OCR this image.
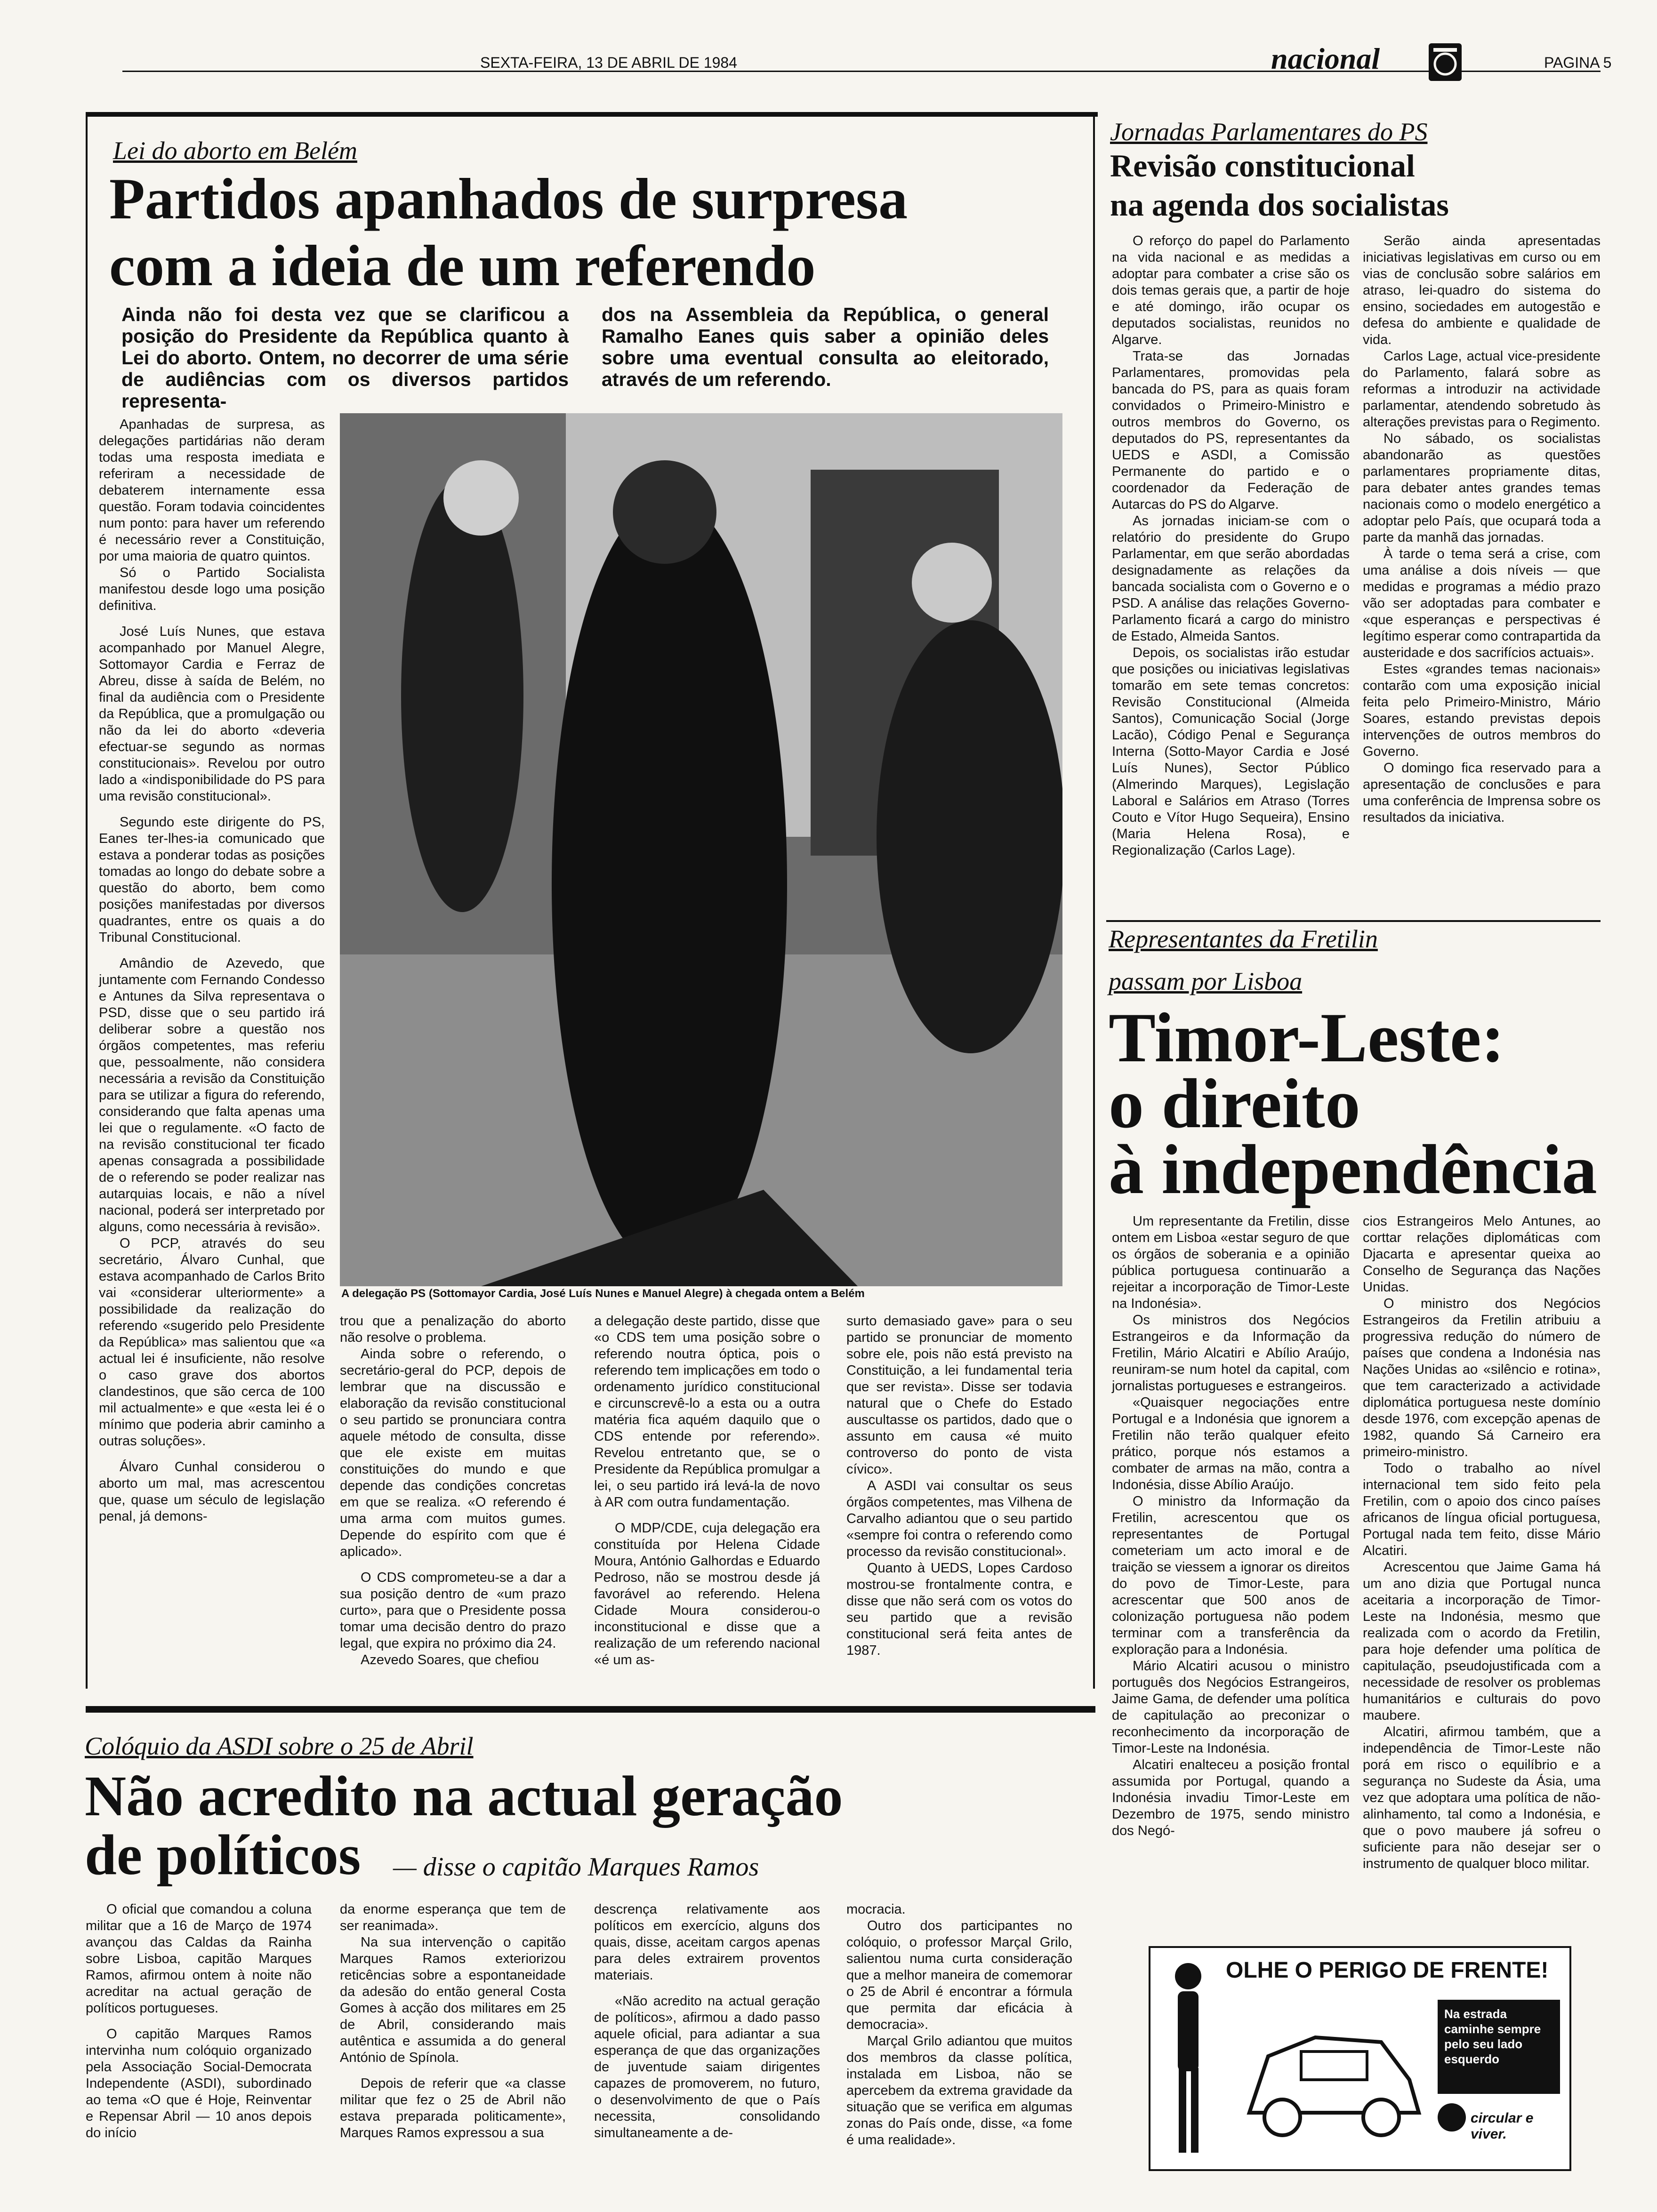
SEXTA-FEIRA, 13 DE ABRIL DE 1984	nacional	PAGINA 5
Lei do aborto em Belém
Partidos apanhados de surpresa
com a ideia de um referendo
Ainda não foi desta vez que se clarificou a posição do Presidente da República quanto à Lei do aborto. Ontem, no decorrer de uma série de audiências com os diversos partidos representa-
dos na Assembleia da República, o general Ramalho Eanes quis saber a opinião deles sobre uma eventual consulta ao eleitorado, através de um referendo.
A delegação PS (Sottomayor Cardia, José Luís Nunes e Manuel Alegre) à chegada ontem a Belém

Apanhadas de surpresa, as delegações partidárias não deram todas uma resposta imediata e referiram a necessidade de debaterem internamente essa questão. Foram todavia coincidentes num ponto: para haver um referendo é necessário rever a Constituição, por uma maioria de quatro quintos.

Só o Partido Socialista manifestou desde logo uma posição definitiva.

José Luís Nunes, que estava acompanhado por Manuel Alegre, Sottomayor Cardia e Ferraz de Abreu, disse à saída de Belém, no final da audiência com o Presidente da República, que a promulgação ou não da lei do aborto «deveria efectuar-se segundo as normas constitucionais». Revelou por outro lado a «indisponibilidade do PS para uma revisão constitucional».

Segundo este dirigente do PS, Eanes ter-lhes-ia comunicado que estava a ponderar todas as posições tomadas ao longo do debate sobre a questão do aborto, bem como posições manifestadas por diversos quadrantes, entre os quais a do Tribunal Constitucional.

Amândio de Azevedo, que juntamente com Fernando Condesso e Antunes da Silva representava o PSD, disse que o seu partido irá deliberar sobre a questão nos órgãos competentes, mas referiu que, pessoalmente, não considera necessária a revisão da Constituição para se utilizar a figura do referendo, considerando que falta apenas uma lei que o regulamente. «O facto de na revisão constitucional ter ficado apenas consagrada a possibilidade de o referendo se poder realizar nas autarquias locais, e não a nível nacional, poderá ser interpretado por alguns, como necessária à revisão».

O PCP, através do seu secretário, Álvaro Cunhal, que estava acompanhado de Carlos Brito vai «considerar ulteriormente» a possibilidade da realização do referendo «sugerido pelo Presidente da República» mas salientou que «a actual lei é insuficiente, não resolve o caso grave dos abortos clandestinos, que são cerca de 100 mil actualmente» e que «esta lei é o mínimo que poderia abrir caminho a outras soluções».

Álvaro Cunhal considerou o aborto um mal, mas acrescentou que, quase um século de legislação penal, já demons-

trou que a penalização do aborto não resolve o problema.

Ainda sobre o referendo, o secretário-geral do PCP, depois de lembrar que na discussão e elaboração da revisão constitucional o seu partido se pronunciara contra aquele método de consulta, disse que ele existe em muitas constituições do mundo e que depende das condições concretas em que se realiza. «O referendo é uma arma com muitos gumes. Depende do espírito com que é aplicado».

O CDS comprometeu-se a dar a sua posição dentro de «um prazo curto», para que o Presidente possa tomar uma decisão dentro do prazo legal, que expira no próximo dia 24.

Azevedo Soares, que chefiou

a delegação deste partido, disse que «o CDS tem uma posição sobre o referendo noutra óptica, pois o referendo tem implicações em todo o ordenamento jurídico constitucional e circunscrevê-lo a esta ou a outra matéria fica aquém daquilo que o CDS entende por referendo». Revelou entretanto que, se o Presidente da República promulgar a lei, o seu partido irá levá-la de novo à AR com outra fundamentação.

O MDP/CDE, cuja delegação era constituída por Helena Cidade Moura, António Galhordas e Eduardo Pedroso, não se mostrou desde já favorável ao referendo. Helena Cidade Moura considerou-o inconstitucional e disse que a realização de um referendo nacional «é um as-

surto demasiado gave» para o seu partido se pronunciar de momento sobre ele, pois não está previsto na Constituição, a lei fundamental teria que ser revista». Disse ser todavia natural que o Chefe do Estado auscultasse os partidos, dado que o assunto em causa «é muito controverso do ponto de vista cívico».

A ASDI vai consultar os seus órgãos competentes, mas Vilhena de Carvalho adiantou que o seu partido «sempre foi contra o referendo como processo da revisão constitucional».

Quanto à UEDS, Lopes Cardoso mostrou-se frontalmente contra, e disse que não será com os votos do seu partido que a revisão constitucional será feita antes de 1987.

Jornadas Parlamentares do PS
Revisão constitucional
na agenda dos socialistas

O reforço do papel do Parlamento na vida nacional e as medidas a adoptar para combater a crise são os dois temas gerais que, a partir de hoje e até domingo, irão ocupar os deputados socialistas, reunidos no Algarve.

Trata-se das Jornadas Parlamentares, promovidas pela bancada do PS, para as quais foram convidados o Primeiro-Ministro e outros membros do Governo, os deputados do PS, representantes da UEDS e ASDI, a Comissão Permanente do partido e o coordenador da Federação de Autarcas do PS do Algarve.

As jornadas iniciam-se com o relatório do presidente do Grupo Parlamentar, em que serão abordadas designadamente as relações da bancada socialista com o Governo e o PSD. A análise das relações Governo-Parlamento ficará a cargo do ministro de Estado, Almeida Santos.

Depois, os socialistas irão estudar que posições ou iniciativas legislativas tomarão em sete temas concretos: Revisão Constitucional (Almeida Santos), Comunicação Social (Jorge Lacão), Código Penal e Segurança Interna (Sotto-Mayor Cardia e José Luís Nunes), Sector Público (Almerindo Marques), Legislação Laboral e Salários em Atraso (Torres Couto e Vítor Hugo Sequeira), Ensino (Maria Helena Rosa), e Regionalização (Carlos Lage).

Serão ainda apresentadas iniciativas legislativas em curso ou em vias de conclusão sobre salários em atraso, lei-quadro do sistema do ensino, sociedades em autogestão e defesa do ambiente e qualidade de vida.

Carlos Lage, actual vice-presidente do Parlamento, falará sobre as reformas a introduzir na actividade parlamentar, atendendo sobretudo às alterações previstas para o Regimento.

No sábado, os socialistas abandonarão as questões parlamentares propriamente ditas, para debater antes grandes temas nacionais como o modelo energético a adoptar pelo País, que ocupará toda a parte da manhã das jornadas.

À tarde o tema será a crise, com uma análise a dois níveis — que medidas e programas a médio prazo vão ser adoptadas para combater e «que esperanças e perspectivas é legítimo esperar como contrapartida da austeridade e dos sacrifícios actuais».

Estes «grandes temas nacionais» contarão com uma exposição inicial feita pelo Primeiro-Ministro, Mário Soares, estando previstas depois intervenções de outros membros do Governo.

O domingo fica reservado para a apresentação de conclusões e para uma conferência de Imprensa sobre os resultados da iniciativa.

Representantes da Fretilin
passam por Lisboa
Timor-Leste:
o direito
à independência

Um representante da Fretilin, disse ontem em Lisboa «estar seguro de que os órgãos de soberania e a opinião pública portuguesa continuarão a rejeitar a incorporação de Timor-Leste na Indonésia».

Os ministros dos Negócios Estrangeiros e da Informação da Fretilin, Mário Alcatiri e Abílio Araújo, reuniram-se num hotel da capital, com jornalistas portugueses e estrangeiros.

«Quaisquer negociações entre Portugal e a Indonésia que ignorem a Fretilin não terão qualquer efeito prático, porque nós estamos a combater de armas na mão, contra a Indonésia, disse Abílio Araújo.

O ministro da Informação da Fretilin, acrescentou que os representantes de Portugal cometeriam um acto imoral e de traição se viessem a ignorar os direitos do povo de Timor-Leste, para acrescentar que 500 anos de colonização portuguesa não podem terminar com a transferência da exploração para a Indonésia.

Mário Alcatiri acusou o ministro português dos Negócios Estrangeiros, Jaime Gama, de defender uma política de capitulação ao preconizar o reconhecimento da incorporação de Timor-Leste na Indonésia.

Alcatiri enalteceu a posição frontal assumida por Portugal, quando a Indonésia invadiu Timor-Leste em Dezembro de 1975, sendo ministro dos Negó-

cios Estrangeiros Melo Antunes, ao corttar relações diplomáticas com Djacarta e apresentar queixa ao Conselho de Segurança das Nações Unidas.

O ministro dos Negócios Estrangeiros da Fretilin atribuiu a progressiva redução do número de países que condena a Indonésia nas Nações Unidas ao «silêncio e rotina», que tem caracterizado a actividade diplomática portuguesa neste domínio desde 1976, com excepção apenas de 1982, quando Sá Carneiro era primeiro-ministro.

Todo o trabalho ao nível internacional tem sido feito pela Fretilin, com o apoio dos cinco países africanos de língua oficial portuguesa, Portugal nada tem feito, disse Mário Alcatiri.

Acrescentou que Jaime Gama há um ano dizia que Portugal nunca aceitaria a incorporação de Timor-Leste na Indonésia, mesmo que realizada com o acordo da Fretilin, para hoje defender uma política de capitulação, pseudojustificada com a necessidade de resolver os problemas humanitários e culturais do povo maubere.

Alcatiri, afirmou também, que a independência de Timor-Leste não porá em risco o equilíbrio e a segurança no Sudeste da Ásia, uma vez que adoptara uma política de não-alinhamento, tal como a Indonésia, e que o povo maubere já sofreu o suficiente para não desejar ser o instrumento de qualquer bloco militar.

Colóquio da ASDI sobre o 25 de Abril
Não acredito na actual geração
de políticos — disse o capitão Marques Ramos

O oficial que comandou a coluna militar que a 16 de Março de 1974 avançou das Caldas da Rainha sobre Lisboa, capitão Marques Ramos, afirmou ontem à noite não acreditar na actual geração de políticos portugueses.

O capitão Marques Ramos intervinha num colóquio organizado pela Associação Social-Democrata Independente (ASDI), subordinado ao tema «O que é Hoje, Reinventar e Repensar Abril — 10 anos depois do início

da enorme esperança que tem de ser reanimada».

Na sua intervenção o capitão Marques Ramos exteriorizou reticências sobre a espontaneidade da adesão do então general Costa Gomes à acção dos militares em 25 de Abril, considerando mais autêntica e assumida a do general António de Spínola.

Depois de referir que «a classe militar que fez o 25 de Abril não estava preparada politicamente», Marques Ramos expressou a sua

descrença relativamente aos políticos em exercício, alguns dos quais, disse, aceitam cargos apenas para deles extrairem proventos materiais.

«Não acredito na actual geração de políticos», afirmou a dado passo aquele oficial, para adiantar a sua esperança de que das organizações de juventude saiam dirigentes capazes de promoverem, no futuro, o desenvolvimento de que o País necessita, consolidando simultaneamente a de-

mocracia.

Outro dos participantes no colóquio, o professor Marçal Grilo, salientou numa curta consideração que a melhor maneira de comemorar o 25 de Abril é encontrar a fórmula que permita dar eficácia à democracia».

Marçal Grilo adiantou que muitos dos membros da classe política, instalada em Lisboa, não se apercebem da extrema gravidade da situação que se verifica em algumas zonas do País onde, disse, «a fome é uma realidade».

OLHE O PERIGO DE FRENTE!
Na estrada caminhe sempre pelo seu lado esquerdo
circular e viver.
